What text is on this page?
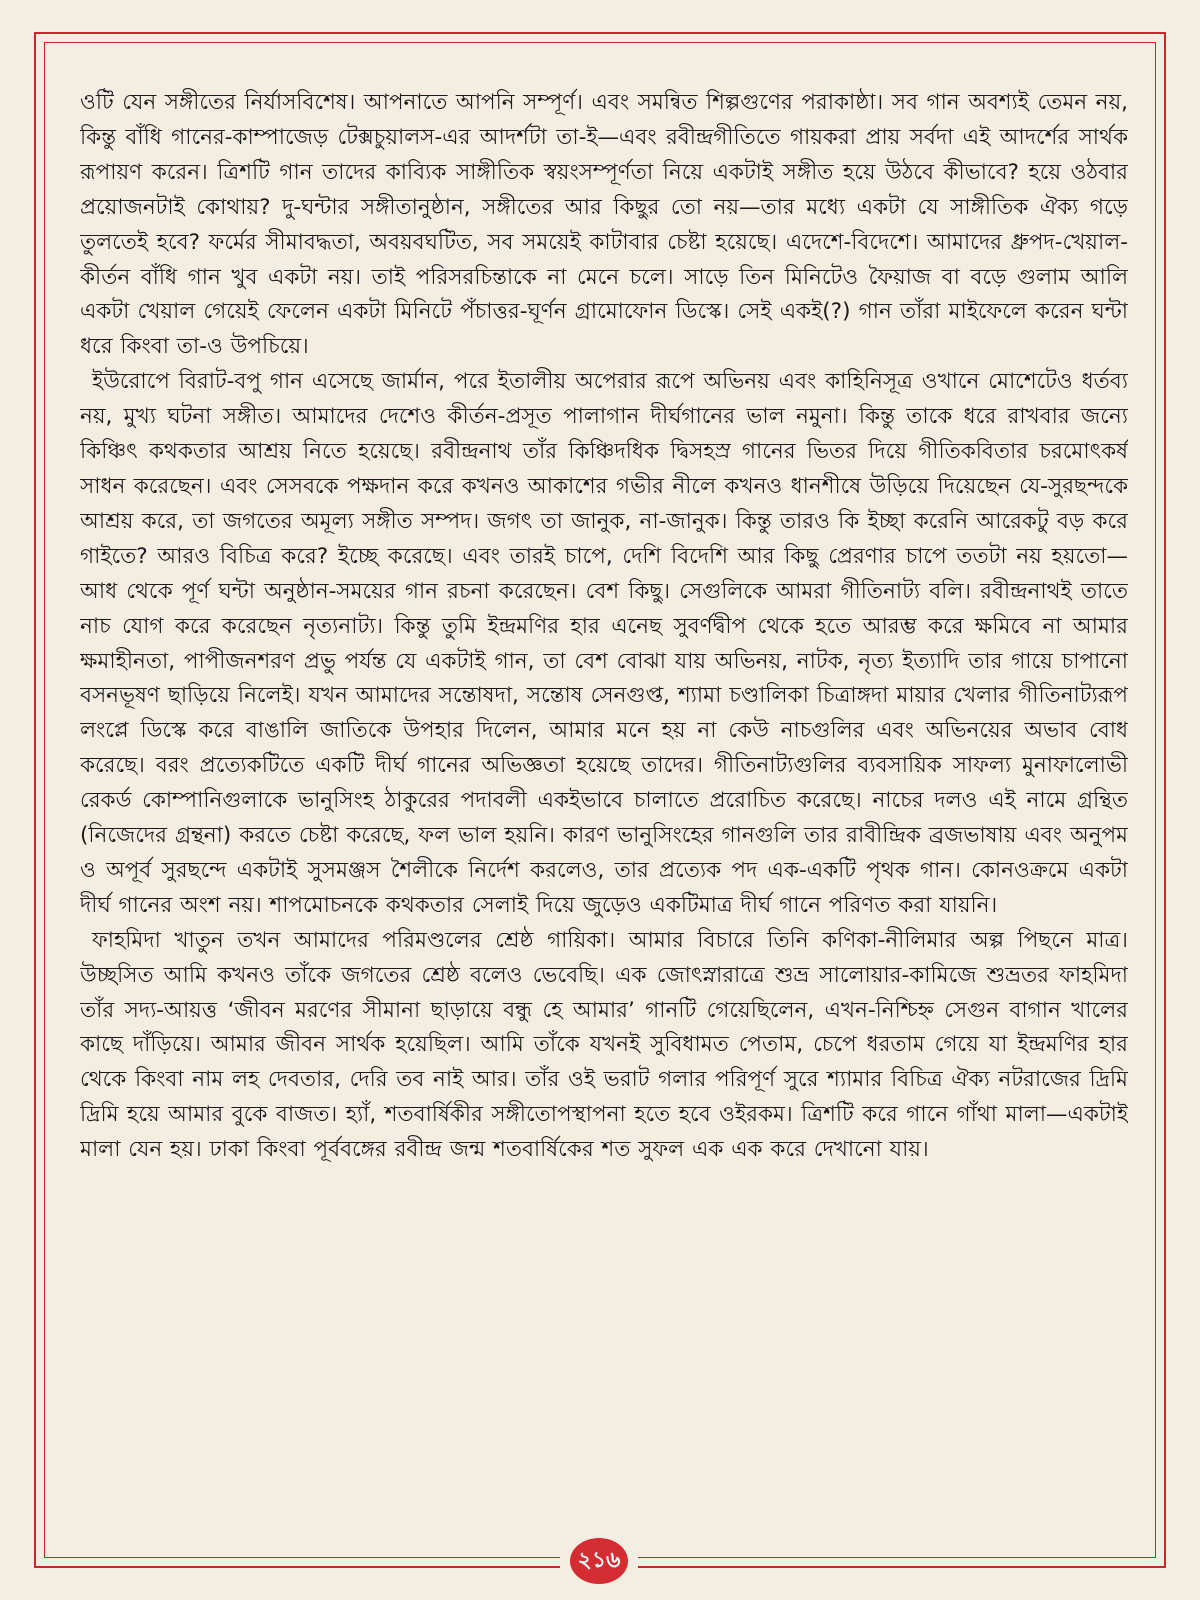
ওটি যেন সঙ্গীতের নির্যাসবিশেষ। আপনাতে আপনি সম্পূর্ণ। এবং সমন্বিত শিল্পগুণের পরাকাষ্ঠা। সব গান অবশ্যই তেমন নয়, কিন্তু বাঁধি গানের-কাম্পাজেড় টেক্সচুয়ালস-এর আদর্শটা তা-ই—এবং রবীন্দ্রগীতিতে গায়করা প্রায় সর্বদা এই আদর্শের সার্থক রূপায়ণ করেন। ত্রিশটি গান তাদের কাব্যিক সাঙ্গীতিক স্বয়ংসম্পূর্ণতা নিয়ে একটাই সঙ্গীত হয়ে উঠবে কীভাবে? হয়ে ওঠবার প্রয়োজনটাই কোথায়? দু-ঘন্টার সঙ্গীতানুষ্ঠান, সঙ্গীতের আর কিছুর তো নয়—তার মধ্যে একটা যে সাঙ্গীতিক ঐক্য গড়ে তুলতেই হবে? ফর্মের সীমাবদ্ধতা, অবয়বঘটিত, সব সময়েই কাটাবার চেষ্টা হয়েছে। এদেশে-বিদেশে। আমাদের ধ্রুপদ-খেয়াল-কীর্তন বাঁধি গান খুব একটা নয়। তাই পরিসরচিন্তাকে না মেনে চলে। সাড়ে তিন মিনিটেও ফৈয়াজ বা বড়ে গুলাম আলি একটা খেয়াল গেয়েই ফেলেন একটা মিনিটে পঁচাত্তর-ঘূর্ণন গ্রামোফোন ডিস্কে। সেই একই(?) গান তাঁরা মাইফেলে করেন ঘন্টা ধরে কিংবা তা-ও উপচিয়ে।

ইউরোপে বিরাট-বপু গান এসেছে জার্মান, পরে ইতালীয় অপেরার রূপে অভিনয় এবং কাহিনিসূত্র ওখানে মোশেটেও ধর্তব্য নয়, মুখ্য ঘটনা সঙ্গীত। আমাদের দেশেও কীর্তন-প্রসূত পালাগান দীর্ঘগানের ভাল নমুনা। কিন্তু তাকে ধরে রাখবার জন্যে কিঞ্চিৎ কথকতার আশ্রয় নিতে হয়েছে। রবীন্দ্রনাথ তাঁর কিঞ্চিদধিক দ্বিসহস্র গানের ভিতর দিয়ে গীতিকবিতার চরমোৎকর্ষ সাধন করেছেন। এবং সেসবকে পক্ষদান করে কখনও আকাশের গভীর নীলে কখনও ধানশীষে উড়িয়ে দিয়েছেন যে-সুরছন্দকে আশ্রয় করে, তা জগতের অমূল্য সঙ্গীত সম্পদ। জগৎ তা জানুক, না-জানুক। কিন্তু তারও কি ইচ্ছা করেনি আরেকটু বড় করে গাইতে? আরও বিচিত্র করে? ইচ্ছে করেছে। এবং তারই চাপে, দেশি বিদেশি আর কিছু প্রেরণার চাপে ততটা নয় হয়তো—আধ থেকে পূর্ণ ঘন্টা অনুষ্ঠান-সময়ের গান রচনা করেছেন। বেশ কিছু। সেগুলিকে আমরা গীতিনাট্য বলি। রবীন্দ্রনাথই তাতে নাচ যোগ করে করেছেন নৃত্যনাট্য। কিন্তু তুমি ইন্দ্রমণির হার এনেছ সুবর্ণদ্বীপ থেকে হতে আরম্ভ করে ক্ষমিবে না আমার ক্ষমাহীনতা, পাপীজনশরণ প্রভু পর্যন্ত যে একটাই গান, তা বেশ বোঝা যায় অভিনয়, নাটক, নৃত্য ইত্যাদি তার গায়ে চাপানো বসনভূষণ ছাড়িয়ে নিলেই। যখন আমাদের সন্তোষদা, সন্তোষ সেনগুপ্ত, শ্যামা চণ্ডালিকা চিত্রাঙ্গদা মায়ার খেলার গীতিনাট্যরূপ লংপ্লে ডিস্কে করে বাঙালি জাতিকে উপহার দিলেন, আমার মনে হয় না কেউ নাচগুলির এবং অভিনয়ের অভাব বোধ করেছে। বরং প্রত্যেকটিতে একটি দীর্ঘ গানের অভিজ্ঞতা হয়েছে তাদের। গীতিনাট্যগুলির ব্যবসায়িক সাফল্য মুনাফালোভী রেকর্ড কোম্পানিগুলাকে ভানুসিংহ ঠাকুরের পদাবলী একইভাবে চালাতে প্ররোচিত করেছে। নাচের দলও এই নামে গ্রন্থিত (নিজেদের গ্রন্থনা) করতে চেষ্টা করেছে, ফল ভাল হয়নি। কারণ ভানুসিংহের গানগুলি তার রাবীন্দ্রিক ব্রজভাষায় এবং অনুপম ও অপূর্ব সুরছন্দে একটাই সুসমঞ্জস শৈলীকে নির্দেশ করলেও, তার প্রত্যেক পদ এক-একটি পৃথক গান। কোনওক্রমে একটা দীর্ঘ গানের অংশ নয়। শাপমোচনকে কথকতার সেলাই দিয়ে জুড়েও একটিমাত্র দীর্ঘ গানে পরিণত করা যায়নি।

ফাহমিদা খাতুন তখন আমাদের পরিমণ্ডলের শ্রেষ্ঠ গায়িকা। আমার বিচারে তিনি কণিকা-নীলিমার অল্প পিছনে মাত্র। উচ্ছসিত আমি কখনও তাঁকে জগতের শ্রেষ্ঠ বলেও ভেবেছি। এক জোৎস্নারাত্রে শুভ্র সালোয়ার-কামিজে শুভ্রতর ফাহমিদা তাঁর সদ্য-আয়ত্ত ‘জীবন মরণের সীমানা ছাড়ায়ে বন্ধু হে আমার’ গানটি গেয়েছিলেন, এখন-নিশ্চিহ্ন সেগুন বাগান খালের কাছে দাঁড়িয়ে। আমার জীবন সার্থক হয়েছিল। আমি তাঁকে যখনই সুবিধামত পেতাম, চেপে ধরতাম গেয়ে যা ইন্দ্রমণির হার থেকে কিংবা নাম লহ দেবতার, দেরি তব নাই আর। তাঁর ওই ভরাট গলার পরিপূর্ণ সুরে শ্যামার বিচিত্র ঐক্য নটরাজের দ্রিমি দ্রিমি হয়ে আমার বুকে বাজত। হ্যাঁ, শতবার্ষিকীর সঙ্গীতোপস্থাপনা হতে হবে ওইরকম। ত্রিশটি করে গানে গাঁথা মালা—একটাই মালা যেন হয়। ঢাকা কিংবা পূর্ববঙ্গের রবীন্দ্র জন্ম শতবার্ষিকের শত সুফল এক এক করে দেখানো যায়।

২১৬
